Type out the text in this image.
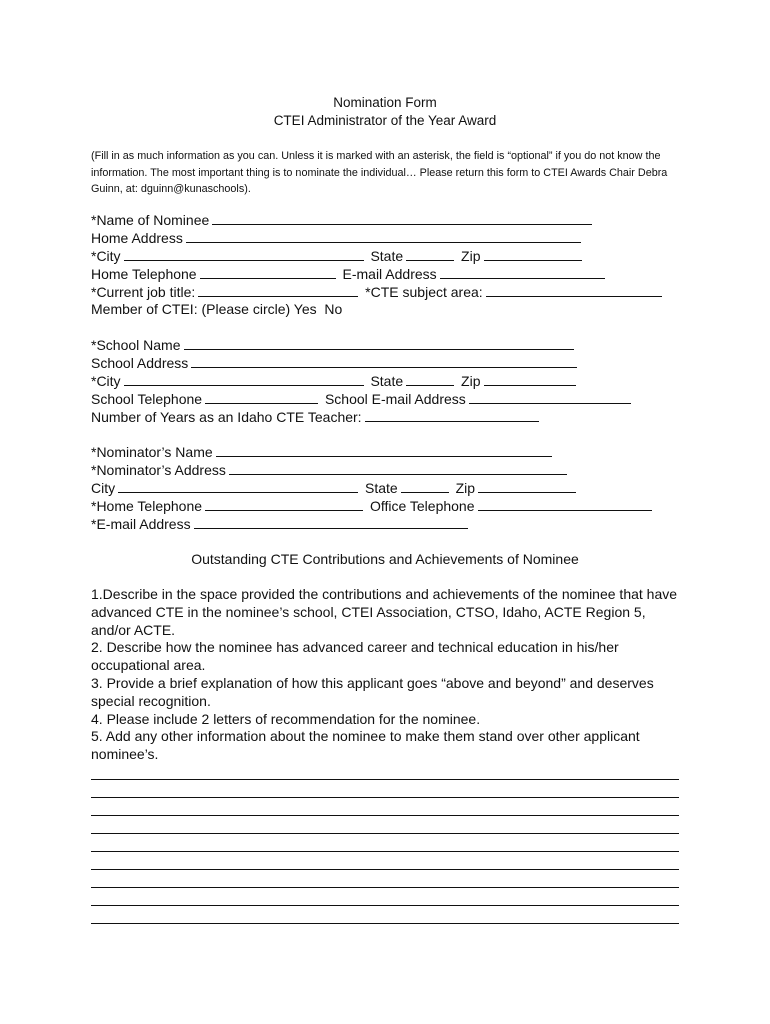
Nomination Form
CTEI Administrator of the Year Award
(Fill in as much information as you can. Unless it is marked with an asterisk, the field is “optional” if you do not know the information. The most important thing is to nominate the individual… Please return this form to CTEI Awards Chair Debra Guinn, at: dguinn@kunaschools).
*Name of Nominee
Home Address
*City	State	Zip
Home Telephone	E-mail Address
*Current job title:	*CTE subject area:
Member of CTEI: (Please circle) Yes No
*School Name
School Address
*City	State	Zip
School Telephone	School E-mail Address
Number of Years as an Idaho CTE Teacher:
*Nominator’s Name
*Nominator’s Address
City	State	Zip
*Home Telephone	Office Telephone
*E-mail Address
Outstanding CTE Contributions and Achievements of Nominee

1.Describe in the space provided the contributions and achievements of the nominee that have advanced CTE in the nominee’s school, CTEI Association, CTSO, Idaho, ACTE Region 5, and/or ACTE.

2. Describe how the nominee has advanced career and technical education in his/her occupational area.

3. Provide a brief explanation of how this applicant goes “above and beyond” and deserves special recognition.

4. Please include 2 letters of recommendation for the nominee.

5. Add any other information about the nominee to make them stand over other applicant nominee’s.
